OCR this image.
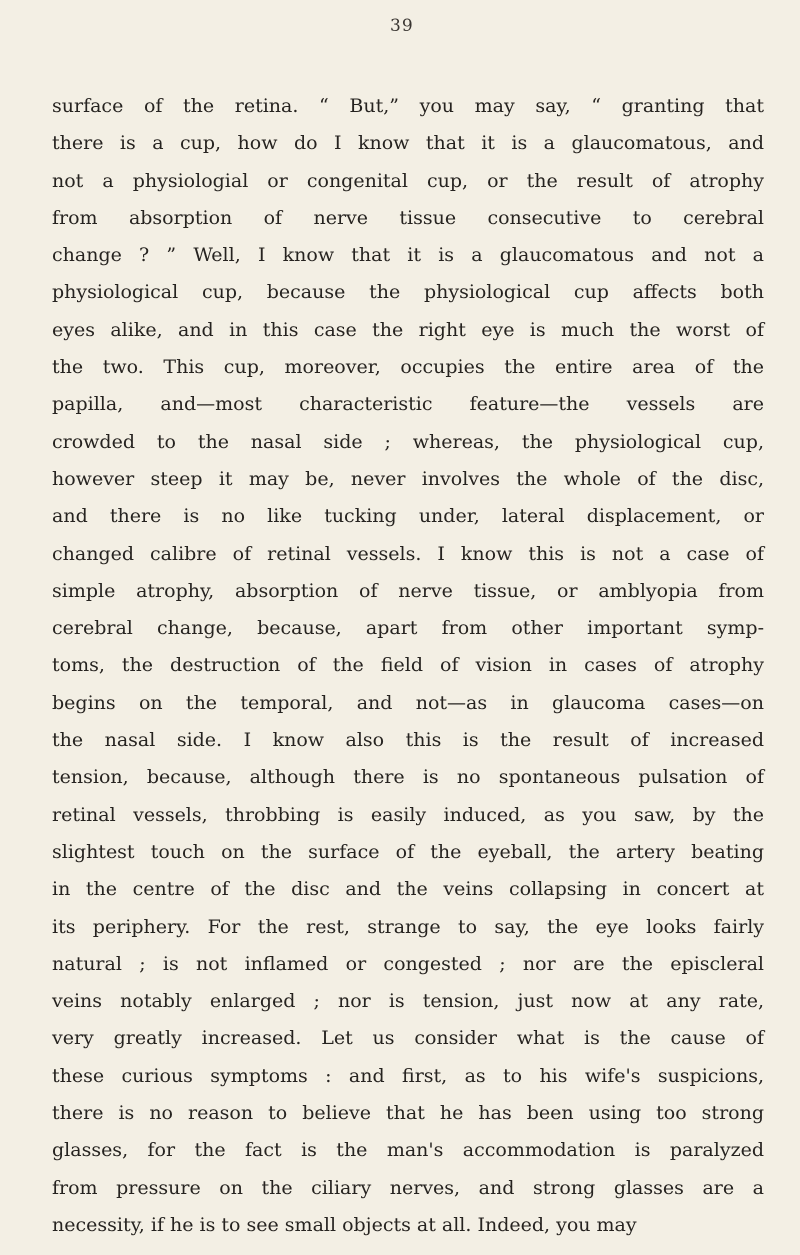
39
surface of the retina. “ But,” you may say, “ granting that
there is a cup, how do I know that it is a glaucomatous, and
not a physiologial or congenital cup, or the result of atrophy
from absorption of nerve tissue consecutive to cerebral
change ? ” Well, I know that it is a glaucomatous and not a
physiological cup, because the physiological cup affects both
eyes alike, and in this case the right eye is much the worst of
the two. This cup, moreover, occupies the entire area of the
papilla, and—most characteristic feature—the vessels are
crowded to the nasal side ; whereas, the physiological cup,
however steep it may be, never involves the whole of the disc,
and there is no like tucking under, lateral displacement, or
changed calibre of retinal vessels. I know this is not a case of
simple atrophy, absorption of nerve tissue, or amblyopia from
cerebral change, because, apart from other important symp-
toms, the destruction of the field of vision in cases of atrophy
begins on the temporal, and not—as in glaucoma cases—on
the nasal side. I know also this is the result of increased
tension, because, although there is no spontaneous pulsation of
retinal vessels, throbbing is easily induced, as you saw, by the
slightest touch on the surface of the eyeball, the artery beating
in the centre of the disc and the veins collapsing in concert at
its periphery. For the rest, strange to say, the eye looks fairly
natural ; is not inflamed or congested ; nor are the episcleral
veins notably enlarged ; nor is tension, just now at any rate,
very greatly increased. Let us consider what is the cause of
these curious symptoms : and first, as to his wife's suspicions,
there is no reason to believe that he has been using too strong
glasses, for the fact is the man's accommodation is paralyzed
from pressure on the ciliary nerves, and strong glasses are a
necessity, if he is to see small objects at all. Indeed, you may
